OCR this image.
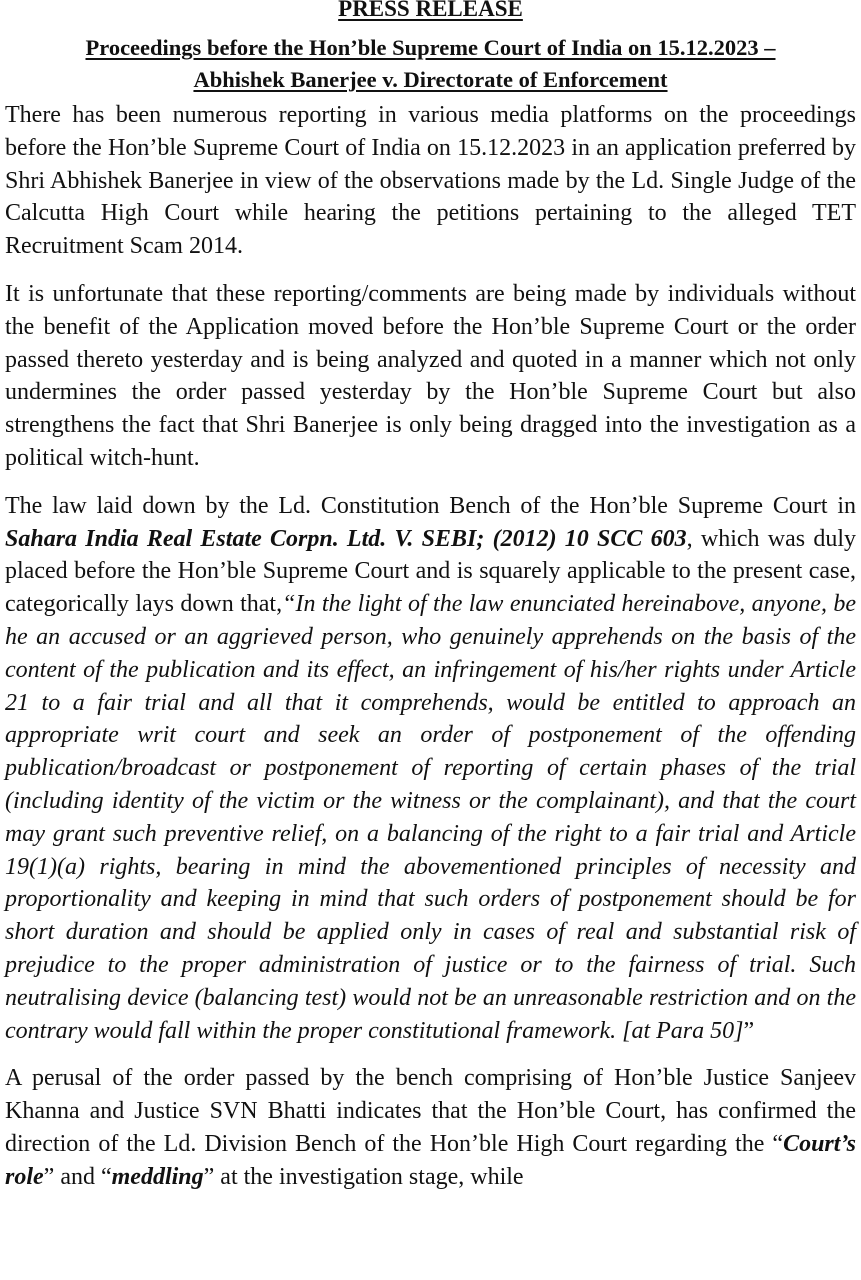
PRESS RELEASE
Proceedings before the Hon’ble Supreme Court of India on 15.12.2023 –
Abhishek Banerjee v. Directorate of Enforcement

There has been numerous reporting in various media platforms on the proceedings before the Hon’ble Supreme Court of India on 15.12.2023 in an application preferred by Shri Abhishek Banerjee in view of the observations made by the Ld. Single Judge of the Calcutta High Court while hearing the petitions pertaining to the alleged TET Recruitment Scam 2014.

It is unfortunate that these reporting/comments are being made by individuals without the benefit of the Application moved before the Hon’ble Supreme Court or the order passed thereto yesterday and is being analyzed and quoted in a manner which not only undermines the order passed yesterday by the Hon’ble Supreme Court but also strengthens the fact that Shri Banerjee is only being dragged into the investigation as a political witch-hunt.

The law laid down by the Ld. Constitution Bench of the Hon’ble Supreme Court in Sahara India Real Estate Corpn. Ltd. V. SEBI; (2012) 10 SCC 603, which was duly placed before the Hon’ble Supreme Court and is squarely applicable to the present case, categorically lays down that,“In the light of the law enunciated hereinabove, anyone, be he an accused or an aggrieved person, who genuinely apprehends on the basis of the content of the publication and its effect, an infringement of his/her rights under Article 21 to a fair trial and all that it comprehends, would be entitled to approach an appropriate writ court and seek an order of postponement of the offending publication/broadcast or postponement of reporting of certain phases of the trial (including identity of the victim or the witness or the complainant), and that the court may grant such preventive relief, on a balancing of the right to a fair trial and Article 19(1)(a) rights, bearing in mind the abovementioned principles of necessity and proportionality and keeping in mind that such orders of postponement should be for short duration and should be applied only in cases of real and substantial risk of prejudice to the proper administration of justice or to the fairness of trial. Such neutralising device (balancing test) would not be an unreasonable restriction and on the contrary would fall within the proper constitutional framework. [at Para 50]”

A perusal of the order passed by the bench comprising of Hon’ble Justice Sanjeev Khanna and Justice SVN Bhatti indicates that the Hon’ble Court, has confirmed the direction of the Ld. Division Bench of the Hon’ble High Court regarding the “Court’s role” and “meddling” at the investigation stage, while
